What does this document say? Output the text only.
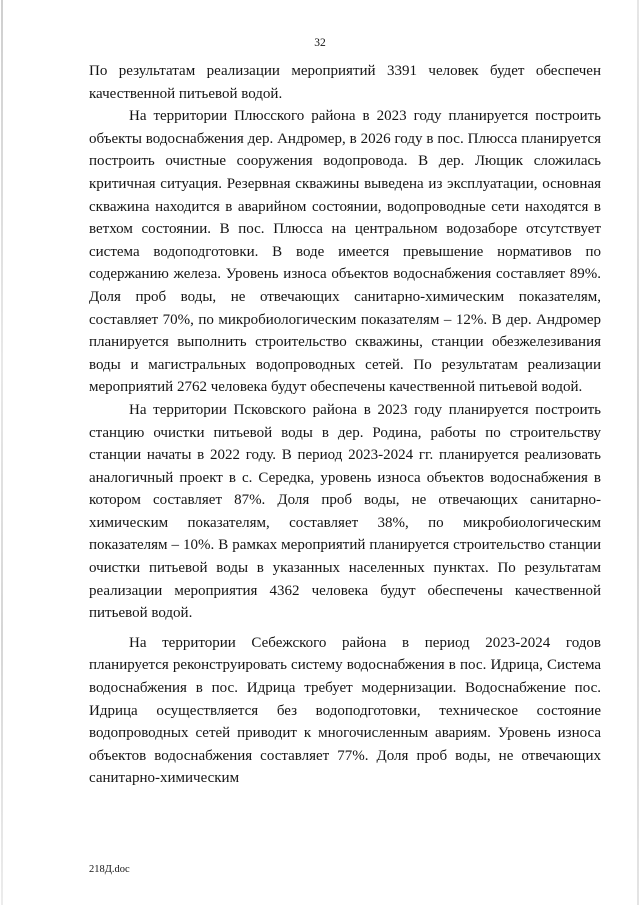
32

По результатам реализации мероприятий 3391 человек будет обеспечен качественной питьевой водой.

На территории Плюсского района в 2023 году планируется построить объекты водоснабжения дер. Андромер, в 2026 году в пос. Плюсса планируется построить очистные сооружения водопровода. В дер. Лющик сложилась критичная ситуация. Резервная скважины выведена из эксплуатации, основная скважина находится в аварийном состоянии, водопроводные сети находятся в ветхом состоянии. В пос. Плюсса на центральном водозаборе отсутствует система водоподготовки. В воде имеется превышение нормативов по содержанию железа. Уровень износа объектов водоснабжения составляет 89%. Доля проб воды, не отвечающих санитарно-химическим показателям, составляет 70%, по микробиологическим показателям – 12%. В дер. Андромер планируется выполнить строительство скважины, станции обезжелезивания воды и магистральных водопроводных сетей. По результатам реализации мероприятий 2762 человека будут обеспечены качественной питьевой водой.

На территории Псковского района в 2023 году планируется построить станцию очистки питьевой воды в дер. Родина, работы по строительству станции начаты в 2022 году. В период 2023-2024 гг. планируется реализовать аналогичный проект в с. Середка, уровень износа объектов водоснабжения в котором составляет 87%. Доля проб воды, не отвечающих санитарно-химическим показателям, составляет 38%, по микробиологическим показателям – 10%. В рамках мероприятий планируется строительство станции очистки питьевой воды в указанных населенных пунктах. По результатам реализации мероприятия 4362 человека будут обеспечены качественной питьевой водой.

На территории Себежского района в период 2023-2024 годов планируется реконструировать систему водоснабжения в пос. Идрица, Система водоснабжения в пос. Идрица требует модернизации. Водоснабжение пос. Идрица осуществляется без водоподготовки, техническое состояние водопроводных сетей приводит к многочисленным авариям. Уровень износа объектов водоснабжения составляет 77%. Доля проб воды, не отвечающих санитарно-химическим

218Д.doc
